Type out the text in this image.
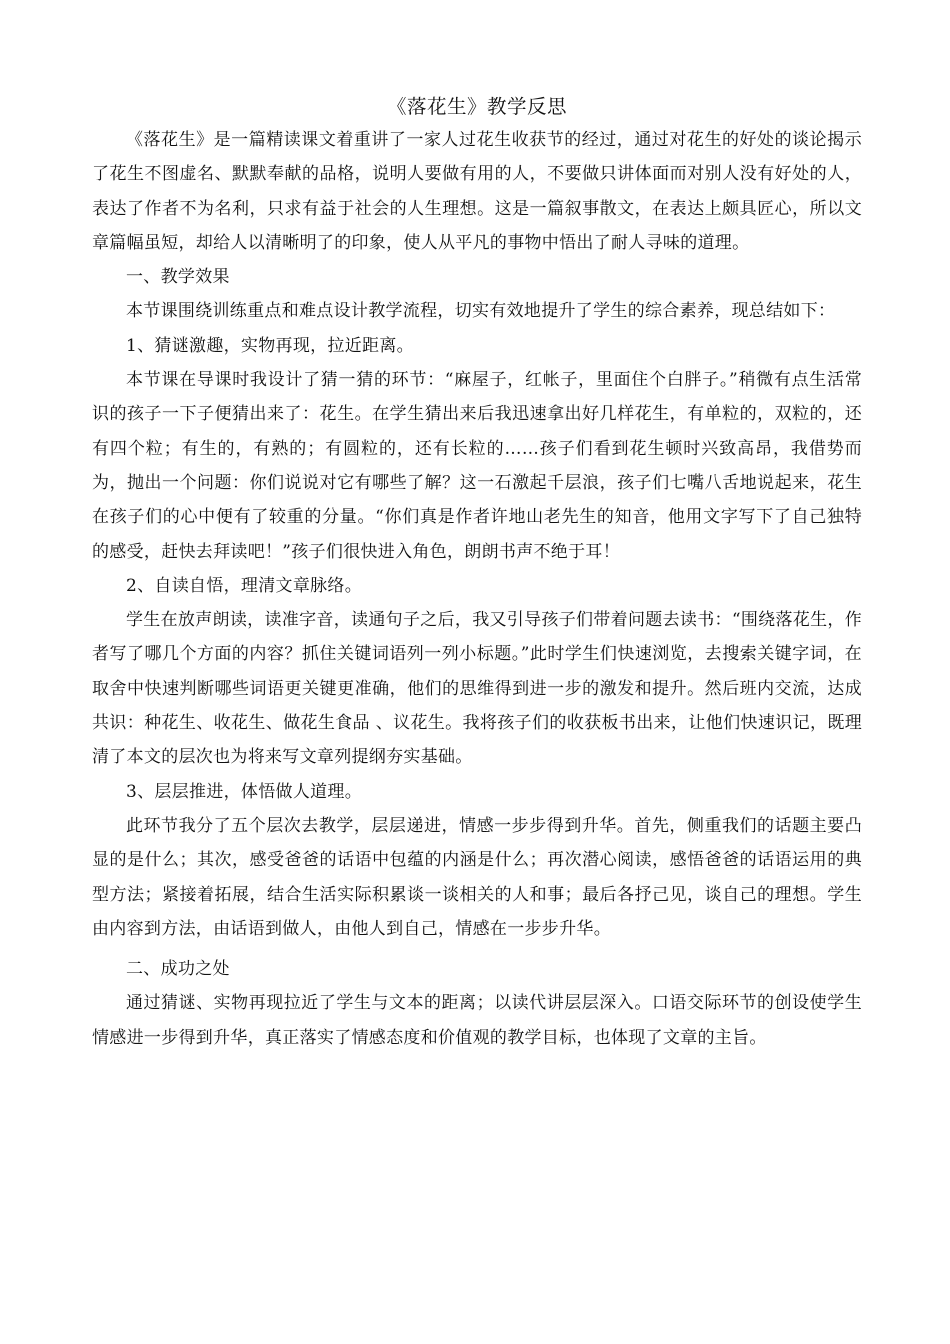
《落花生》教学反思

《落花生》是一篇精读课文着重讲了一家人过花生收获节的经过，通过对花生的好处的谈论揭示了花生不图虚名、默默奉献的品格，说明人要做有用的人，不要做只讲体面而对别人没有好处的人，表达了作者不为名利，只求有益于社会的人生理想。这是一篇叙事散文，在表达上颇具匠心，所以文章篇幅虽短，却给人以清晰明了的印象，使人从平凡的事物中悟出了耐人寻味的道理。

一、教学效果

本节课围绕训练重点和难点设计教学流程，切实有效地提升了学生的综合素养，现总结如下：

1、猜谜激趣，实物再现，拉近距离。

本节课在导课时我设计了猜一猜的环节：“麻屋子，红帐子，里面住个白胖子。”稍微有点生活常识的孩子一下子便猜出来了：花生。在学生猜出来后我迅速拿出好几样花生，有单粒的，双粒的，还有四个粒；有生的，有熟的；有圆粒的，还有长粒的……孩子们看到花生顿时兴致高昂，我借势而为，抛出一个问题：你们说说对它有哪些了解？这一石激起千层浪，孩子们七嘴八舌地说起来，花生在孩子们的心中便有了较重的分量。“你们真是作者许地山老先生的知音，他用文字写下了自己独特的感受，赶快去拜读吧！”孩子们很快进入角色，朗朗书声不绝于耳！

2、自读自悟，理清文章脉络。

学生在放声朗读，读准字音，读通句子之后，我又引导孩子们带着问题去读书：“围绕落花生，作者写了哪几个方面的内容？抓住关键词语列一列小标题。”此时学生们快速浏览，去搜索关键字词，在取舍中快速判断哪些词语更关键更准确，他们的思维得到进一步的激发和提升。然后班内交流，达成共识：种花生、收花生、做花生食品 、议花生。我将孩子们的收获板书出来，让他们快速识记，既理清了本文的层次也为将来写文章列提纲夯实基础。

3、层层推进，体悟做人道理。

此环节我分了五个层次去教学，层层递进，情感一步步得到升华。首先，侧重我们的话题主要凸显的是什么；其次，感受爸爸的话语中包蕴的内涵是什么；再次潜心阅读，感悟爸爸的话语运用的典型方法；紧接着拓展，结合生活实际积累谈一谈相关的人和事；最后各抒己见，谈自己的理想。学生由内容到方法，由话语到做人，由他人到自己，情感在一步步升华。

二、成功之处

通过猜谜、实物再现拉近了学生与文本的距离；以读代讲层层深入。口语交际环节的创设使学生情感进一步得到升华，真正落实了情感态度和价值观的教学目标，也体现了文章的主旨。
